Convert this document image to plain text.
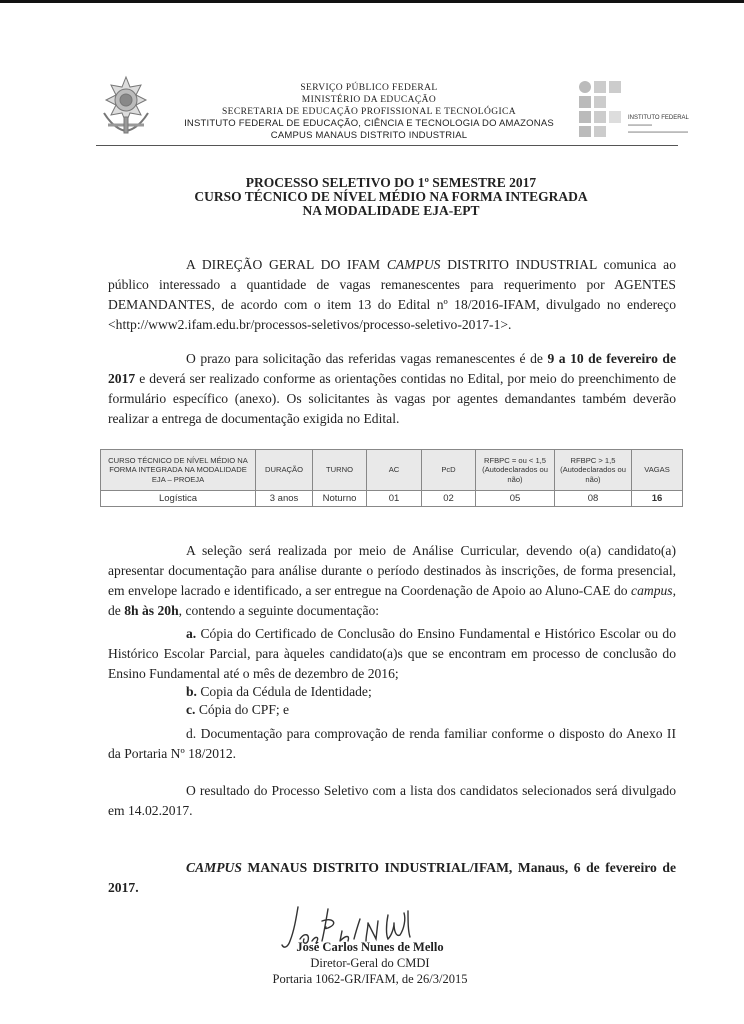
SERVIÇO PÚBLICO FEDERAL
MINISTÉRIO DA EDUCAÇÃO
SECRETARIA DE EDUCAÇÃO PROFISSIONAL E TECNOLÓGICA
INSTITUTO FEDERAL DE EDUCAÇÃO, CIÊNCIA E TECNOLOGIA DO AMAZONAS
CAMPUS MANAUS DISTRITO INDUSTRIAL
INSTITUTO FEDERAL
▬▬▬▬
▬▬▬▬▬▬▬▬▬▬
PROCESSO SELETIVO DO 1º SEMESTRE 2017
CURSO TÉCNICO DE NÍVEL MÉDIO NA FORMA INTEGRADA
NA MODALIDADE EJA-EPT

A DIREÇÃO GERAL DO IFAM CAMPUS DISTRITO INDUSTRIAL comunica ao público interessado a quantidade de vagas remanescentes para requerimento por AGENTES DEMANDANTES, de acordo com o item 13 do Edital nº 18/2016-IFAM, divulgado no endereço <http://www2.ifam.edu.br/processos-seletivos/processo-seletivo-2017-1>.

O prazo para solicitação das referidas vagas remanescentes é de 9 a 10 de fevereiro de 2017 e deverá ser realizado conforme as orientações contidas no Edital, por meio do preenchimento de formulário específico (anexo). Os solicitantes às vagas por agentes demandantes também deverão realizar a entrega de documentação exigida no Edital.

CURSO TÉCNICO DE NÍVEL MÉDIO NA FORMA INTEGRADA NA MODALIDADE EJA – PROEJA	DURAÇÃO	TURNO	AC	PcD	RFBPC = ou < 1,5 (Autodeclarados ou não)	RFBPC > 1,5 (Autodeclarados ou não)	VAGAS
Logística	3 anos	Noturno	01	02	05	08	16

A seleção será realizada por meio de Análise Curricular, devendo o(a) candidato(a) apresentar documentação para análise durante o período destinados às inscrições, de forma presencial, em envelope lacrado e identificado, a ser entregue na Coordenação de Apoio ao Aluno-CAE do campus, de 8h às 20h, contendo a seguinte documentação:

a. Cópia do Certificado de Conclusão do Ensino Fundamental e Histórico Escolar ou do Histórico Escolar Parcial, para àqueles candidato(a)s que se encontram em processo de conclusão do Ensino Fundamental até o mês de dezembro de 2016;

b. Copia da Cédula de Identidade;
c. Cópia do CPF; e

d. Documentação para comprovação de renda familiar conforme o disposto do Anexo II da Portaria Nº 18/2012.

O resultado do Processo Seletivo com a lista dos candidatos selecionados será divulgado em 14.02.2017.

CAMPUS MANAUS DISTRITO INDUSTRIAL/IFAM, Manaus, 6 de fevereiro de 2017.

José Carlos Nunes de Mello
Diretor-Geral do CMDI
Portaria 1062-GR/IFAM, de 26/3/2015
